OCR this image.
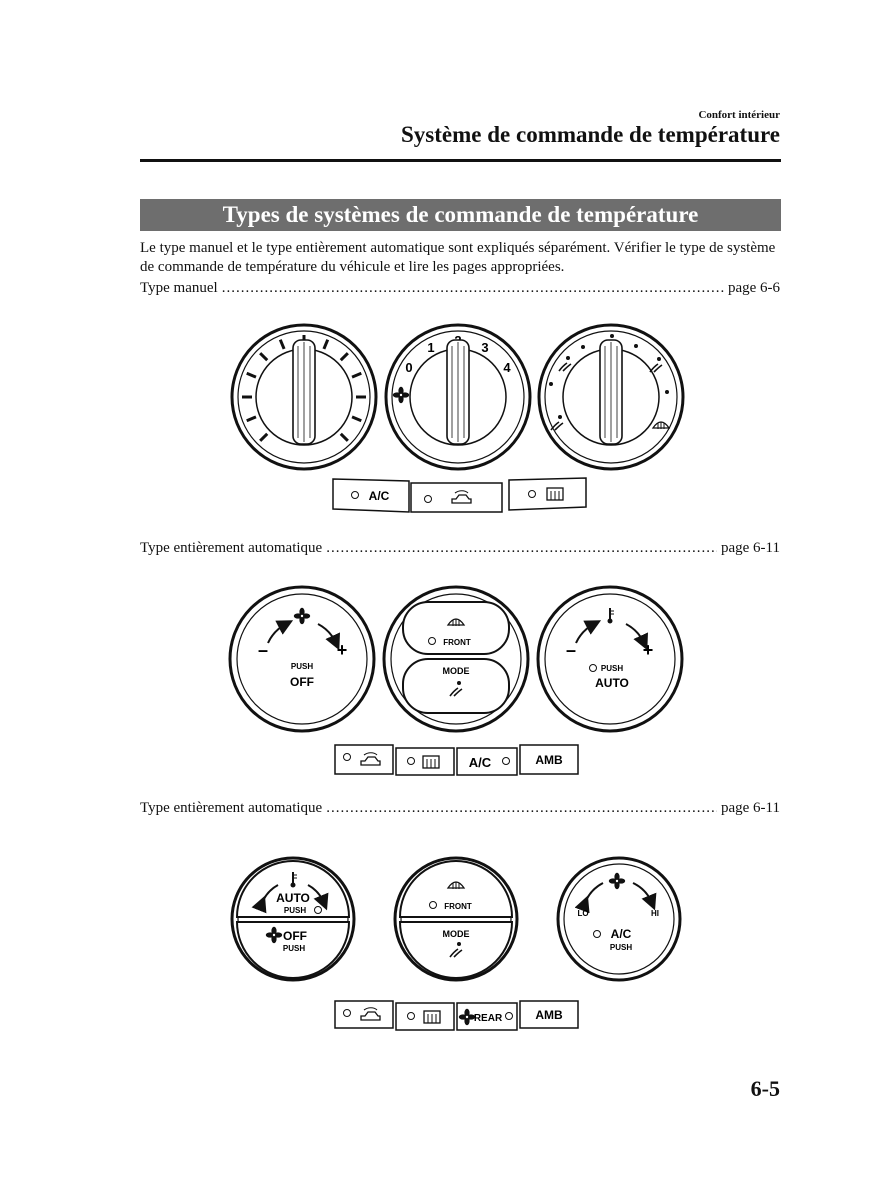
0
1	3
4
A/C
–	+
PUSH
OFF
FRONT
MODE
–	+
PUSH
AUTO
A/C	AMB
AUTO
PUSH
OFF
PUSH
FRONT
MODE
LO	HI
A/C
PUSH
REAR	AMB
Confort intérieur
Système de commande de température
Types de systèmes de commande de température
Le type manuel et le type entièrement automatique sont expliqués séparément. Vérifier le type de système de commande de température du véhicule et lire les pages appropriées.
Type manuel .....	page 6-6
Type entièrement automatique .....	page 6-11
Type entièrement automatique .....	page 6-11
6-5
